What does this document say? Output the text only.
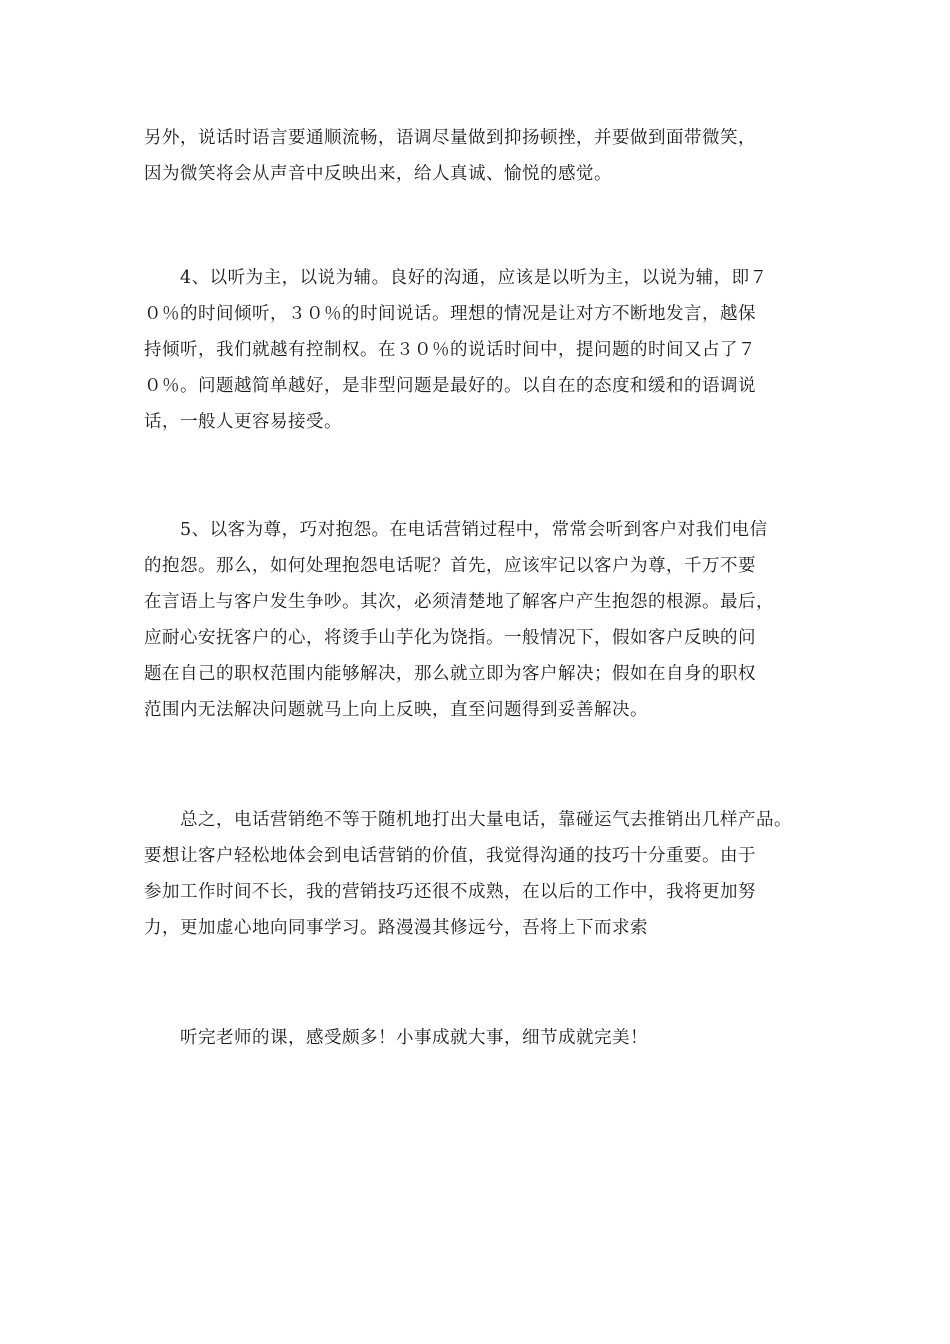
另外，说话时语言要通顺流畅，语调尽量做到抑扬顿挫，并要做到面带微笑，
因为微笑将会从声音中反映出来，给人真诚、愉悦的感觉。
　　4、以听为主，以说为辅。良好的沟通，应该是以听为主，以说为辅，即７
０％的时间倾听，３０％的时间说话。理想的情况是让对方不断地发言，越保
持倾听，我们就越有控制权。在３０％的说话时间中，提问题的时间又占了７
０％。问题越简单越好，是非型问题是最好的。以自在的态度和缓和的语调说
话，一般人更容易接受。
　　5、以客为尊，巧对抱怨。在电话营销过程中，常常会听到客户对我们电信
的抱怨。那么，如何处理抱怨电话呢？首先，应该牢记以客户为尊，千万不要
在言语上与客户发生争吵。其次，必须清楚地了解客户产生抱怨的根源。最后，
应耐心安抚客户的心，将烫手山芋化为饶指。一般情况下，假如客户反映的问
题在自己的职权范围内能够解决，那么就立即为客户解决；假如在自身的职权
范围内无法解决问题就马上向上反映，直至问题得到妥善解决。
　　总之，电话营销绝不等于随机地打出大量电话，靠碰运气去推销出几样产品。
要想让客户轻松地体会到电话营销的价值，我觉得沟通的技巧十分重要。由于
参加工作时间不长，我的营销技巧还很不成熟，在以后的工作中，我将更加努
力，更加虚心地向同事学习。路漫漫其修远兮，吾将上下而求索
　　听完老师的课，感受颇多！小事成就大事，细节成就完美！
